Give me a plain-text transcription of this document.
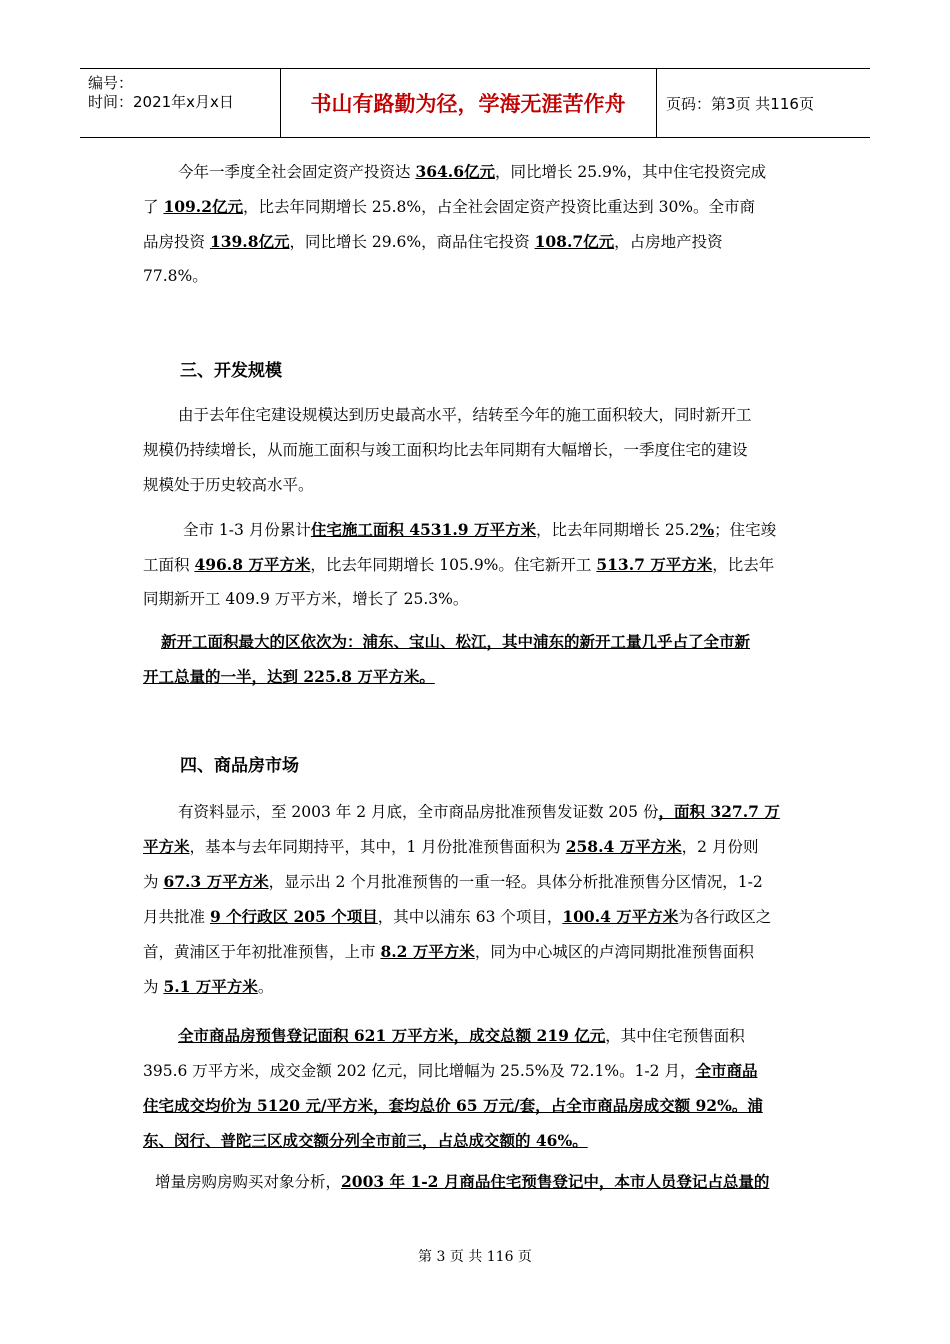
编号：
时间：2021年x月x日	书山有路勤为径，学海无涯苦作舟	页码：第3页 共116页
今年一季度全社会固定资产投资达 364.6亿元，同比增长 25.9%，其中住宅投资完成
了 109.2亿元，比去年同期增长 25.8%，占全社会固定资产投资比重达到 30%。全市商
品房投资 139.8亿元，同比增长 29.6%，商品住宅投资 108.7亿元，占房地产投资
77.8%。
三、开发规模
由于去年住宅建设规模达到历史最高水平，结转至今年的施工面积较大，同时新开工
规模仍持续增长，从而施工面积与竣工面积均比去年同期有大幅增长，一季度住宅的建设
规模处于历史较高水平。
全市 1-3 月份累计住宅施工面积 4531.9 万平方米，比去年同期增长 25.2%；住宅竣
工面积 496.8 万平方米，比去年同期增长 105.9%。住宅新开工 513.7 万平方米，比去年
同期新开工 409.9 万平方米，增长了 25.3%。
新开工面积最大的区依次为：浦东、宝山、松江，其中浦东的新开工量几乎占了全市新
开工总量的一半，达到 225.8 万平方米。
四、商品房市场
有资料显示，至 2003 年 2 月底，全市商品房批准预售发证数 205 份，面积 327.7 万
平方米，基本与去年同期持平，其中，1 月份批准预售面积为 258.4 万平方米，2 月份则
为 67.3 万平方米，显示出 2 个月批准预售的一重一轻。具体分析批准预售分区情况，1-2
月共批准 9 个行政区 205 个项目，其中以浦东 63 个项目，100.4 万平方米为各行政区之
首，黄浦区于年初批准预售，上市 8.2 万平方米，同为中心城区的卢湾同期批准预售面积
为 5.1 万平方米。
全市商品房预售登记面积 621 万平方米，成交总额 219 亿元，其中住宅预售面积
395.6 万平方米，成交金额 202 亿元，同比增幅为 25.5%及 72.1%。1-2 月，全市商品
住宅成交均价为 5120 元/平方米，套均总价 65 万元/套，占全市商品房成交额 92%。浦
东、闵行、普陀三区成交额分列全市前三，占总成交额的 46%。
增量房购房购买对象分析，2003 年 1-2 月商品住宅预售登记中，本市人员登记占总量的
第 3 页 共 116 页
